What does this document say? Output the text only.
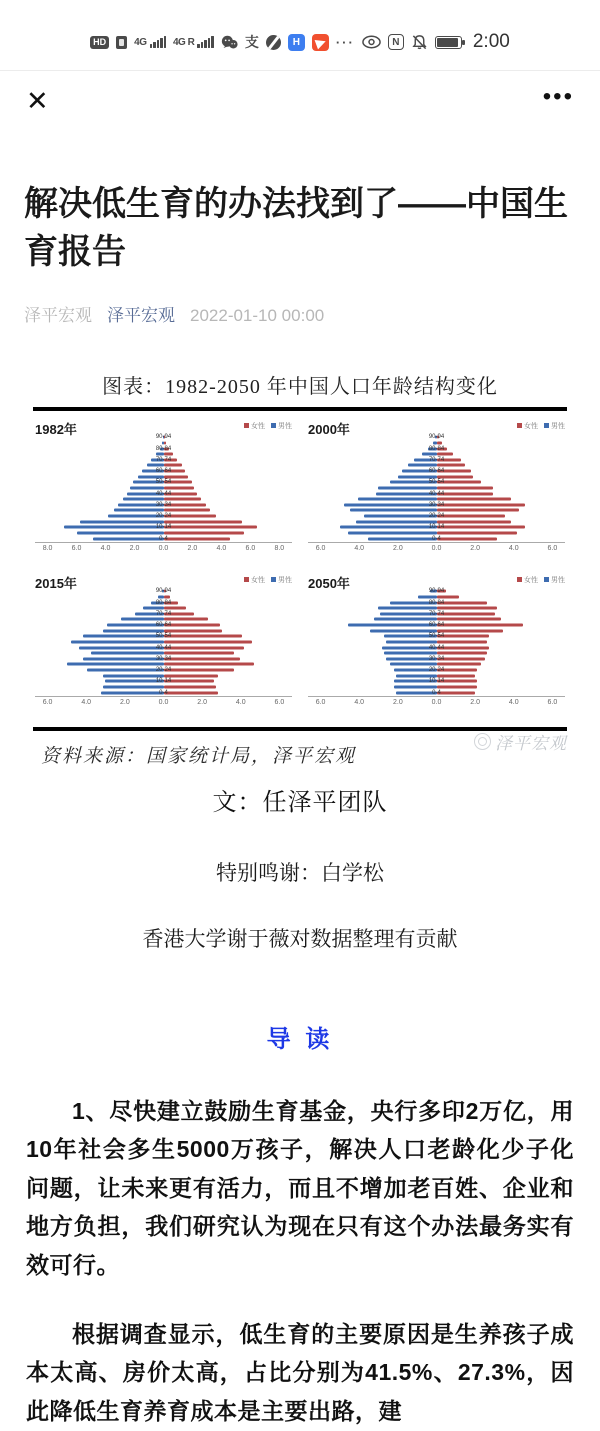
HD	4G	4G R	支	H	···	N	2:00
✕	•••
解决低生育的办法找到了——中国生育报告
泽平宏观 泽平宏观 2022-01-10 00:00
图表：1982-2050 年中国人口年龄结构变化
1982年	女性	男性
90-94
80-84
70-74
60-64
50-54
40-44
30-34
20-24
10-14
0-4
8.0	6.0	4.0	2.0	0.0	2.0	4.0	6.0	8.0
2000年	女性	男性
90-94
80-84
70-74
60-64
50-54
40-44
30-34
20-24
10-14
0-4
6.0	4.0	2.0	0.0	2.0	4.0	6.0
2015年	女性	男性
90-94
80-84
70-74
60-64
50-54
40-44
30-34
20-24
10-14
0-4
6.0	4.0	2.0	0.0	2.0	4.0	6.0
2050年	女性	男性
90-94
80-84
70-74
60-64
50-54
40-44
30-34
20-24
10-14
0-4
6.0	4.0	2.0	0.0	2.0	4.0	6.0
资料来源：国家统计局，泽平宏观
泽平宏观
文：任泽平团队
特别鸣谢：白学松
香港大学谢于薇对数据整理有贡献
导 读

1、尽快建立鼓励生育基金，央行多印2万亿，用10年社会多生5000万孩子，解决人口老龄化少子化问题，让未来更有活力，而且不增加老百姓、企业和地方负担，我们研究认为现在只有这个办法最务实有效可行。

根据调查显示，低生育的主要原因是生养孩子成本太高、房价太高，占比分别为41.5%、27.3%，因此降低生育养育成本是主要出路，建
